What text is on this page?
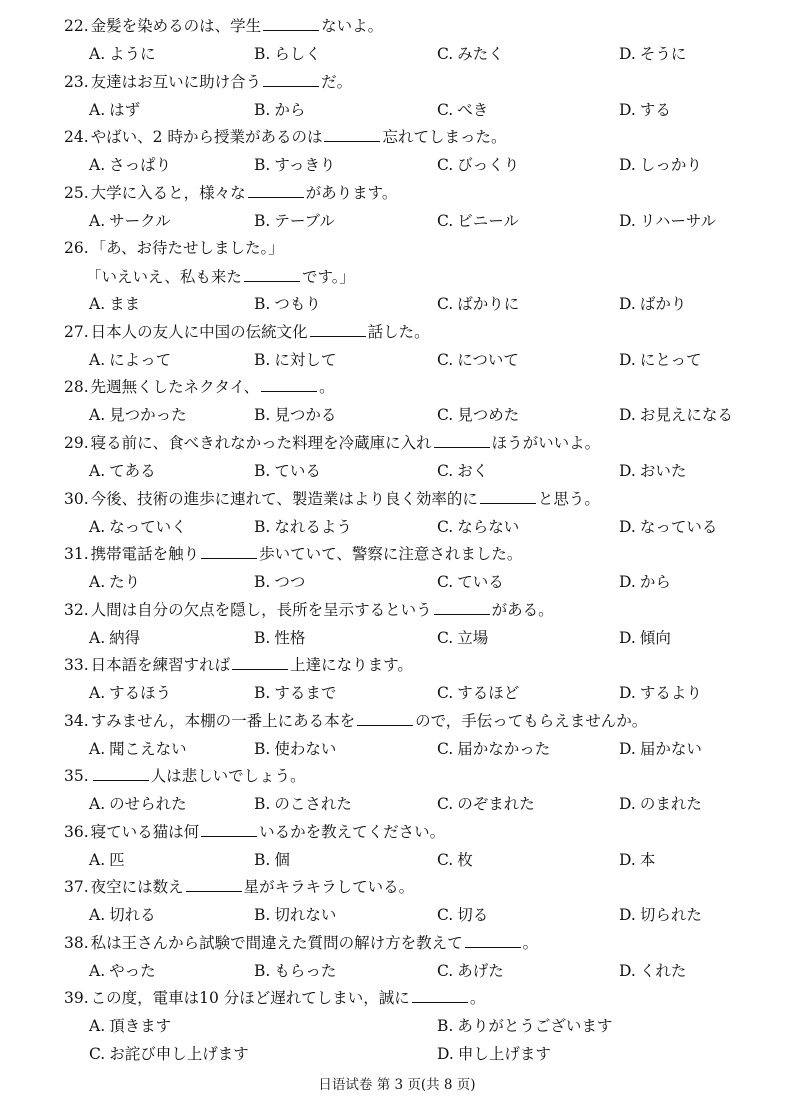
22. 金髪を染めるのは、学生	ないよ。
A. ように	B. らしく	C. みたく	D. そうに
23. 友達はお互いに助け合う	だ。
A. はず	B. から	C. べき	D. する
24. やばい、2 時から授業があるのは	忘れてしまった。
A. さっぱり	B. すっきり	C. びっくり	D. しっかり
25. 大学に入ると，様々な	があります。
A. サークル	B. テーブル	C. ビニール	D. リハーサル
26. 「あ、お待たせしました。」
「いえいえ、私も来た	です。」
A. まま	B. つもり	C. ばかりに	D. ばかり
27. 日本人の友人に中国の伝統文化	話した。
A. によって	B. に対して	C. について	D. にとって
28. 先週無くしたネクタイ、	。
A. 見つかった	B. 見つかる	C. 見つめた	D. お見えになる
29. 寝る前に、食べきれなかった料理を冷蔵庫に入れ	ほうがいいよ。
A. てある	B. ている	C. おく	D. おいた
30. 今後、技術の進歩に連れて、製造業はより良く効率的に	と思う。
A. なっていく	B. なれるよう	C. ならない	D. なっている
31. 携帯電話を触り	歩いていて、警察に注意されました。
A. たり	B. つつ	C. ている	D. から
32. 人間は自分の欠点を隠し，長所を呈示するという	がある。
A. 納得	B. 性格	C. 立場	D. 傾向
33. 日本語を練習すれば	上達になります。
A. するほう	B. するまで	C. するほど	D. するより
34. すみません，本棚の一番上にある本を	ので，手伝ってもらえませんか。
A. 聞こえない	B. 使わない	C. 届かなかった	D. 届かない
35.	人は悲しいでしょう。
A. のせられた	B. のこされた	C. のぞまれた	D. のまれた
36. 寝ている猫は何	いるかを教えてください。
A. 匹	B. 個	C. 枚	D. 本
37. 夜空には数え	星がキラキラしている。
A. 切れる	B. 切れない	C. 切る	D. 切られた
38. 私は王さんから試験で間違えた質問の解け方を教えて	。
A. やった	B. もらった	C. あげた	D. くれた
39. この度，電車は10 分ほど遅れてしまい，誠に	。
A. 頂きます	B. ありがとうございます
C. お詫び申し上げます	D. 申し上げます
日语试卷 第 3 页(共 8 页)
